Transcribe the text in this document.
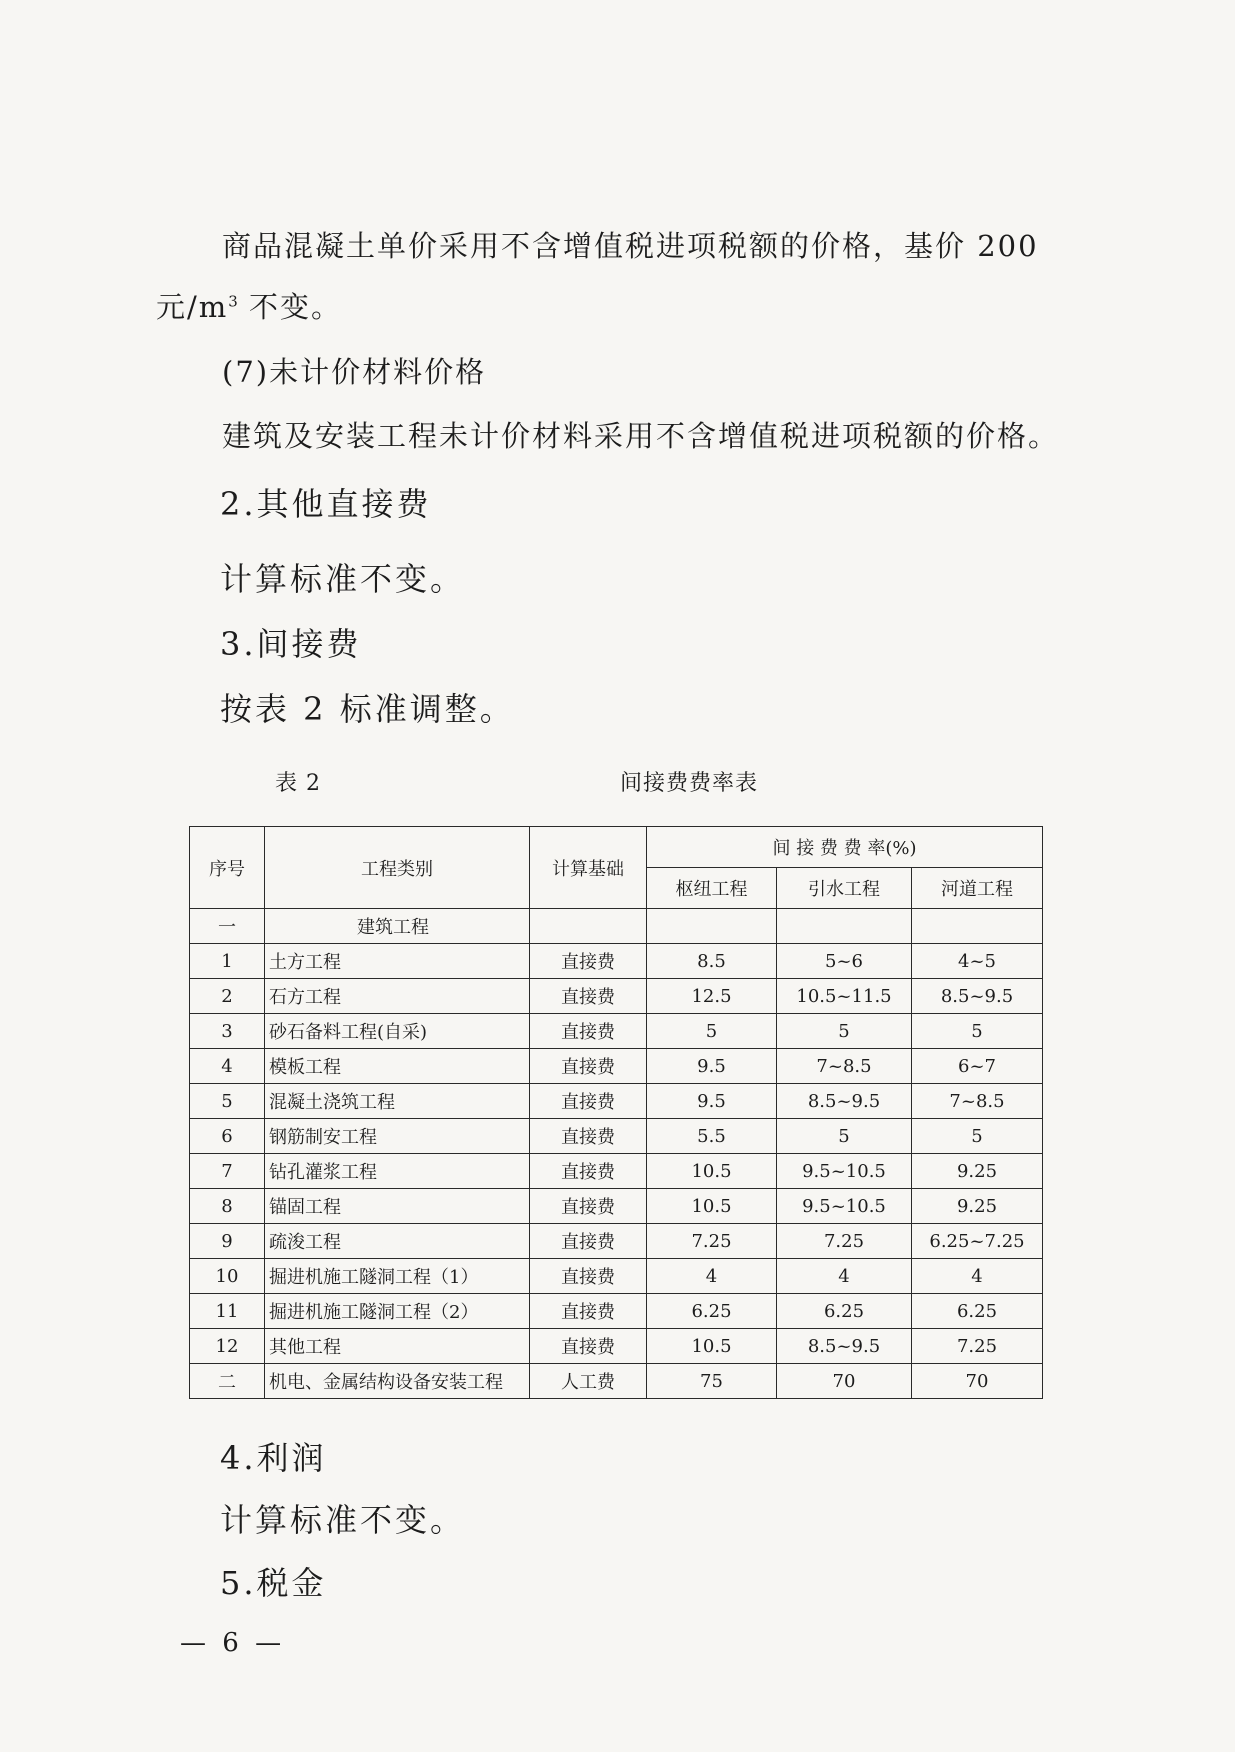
商品混凝土单价采用不含增值税进项税额的价格，基价 200
元$/m^3$ 不变。
(7)未计价材料价格
建筑及安装工程未计价材料采用不含增值税进项税额的价格。
2.其他直接费
计算标准不变。
3.间接费
按表 2 标准调整。
表 2	间接费费率表
序号	工程类别	计算基础	间 接 费 费 率(%)		
			枢纽工程	引水工程	河道工程
一	建筑工程				
1	土方工程	直接费	8.5	5~6	4~5
2	石方工程	直接费	12.5	10.5~11.5	8.5~9.5
3	砂石备料工程(自采)	直接费	5	5	5
4	模板工程	直接费	9.5	7~8.5	6~7
5	混凝土浇筑工程	直接费	9.5	8.5~9.5	7~8.5
6	钢筋制安工程	直接费	5.5	5	5
7	钻孔灌浆工程	直接费	10.5	9.5~10.5	9.25
8	锚固工程	直接费	10.5	9.5~10.5	9.25
9	疏浚工程	直接费	7.25	7.25	6.25~7.25
10	掘进机施工隧洞工程（1）	直接费	4	4	4
11	掘进机施工隧洞工程（2）	直接费	6.25	6.25	6.25
12	其他工程	直接费	10.5	8.5~9.5	7.25
二	机电、金属结构设备安装工程	人工费	75	70	70
4.利润
计算标准不变。
5.税金
— 6 —
